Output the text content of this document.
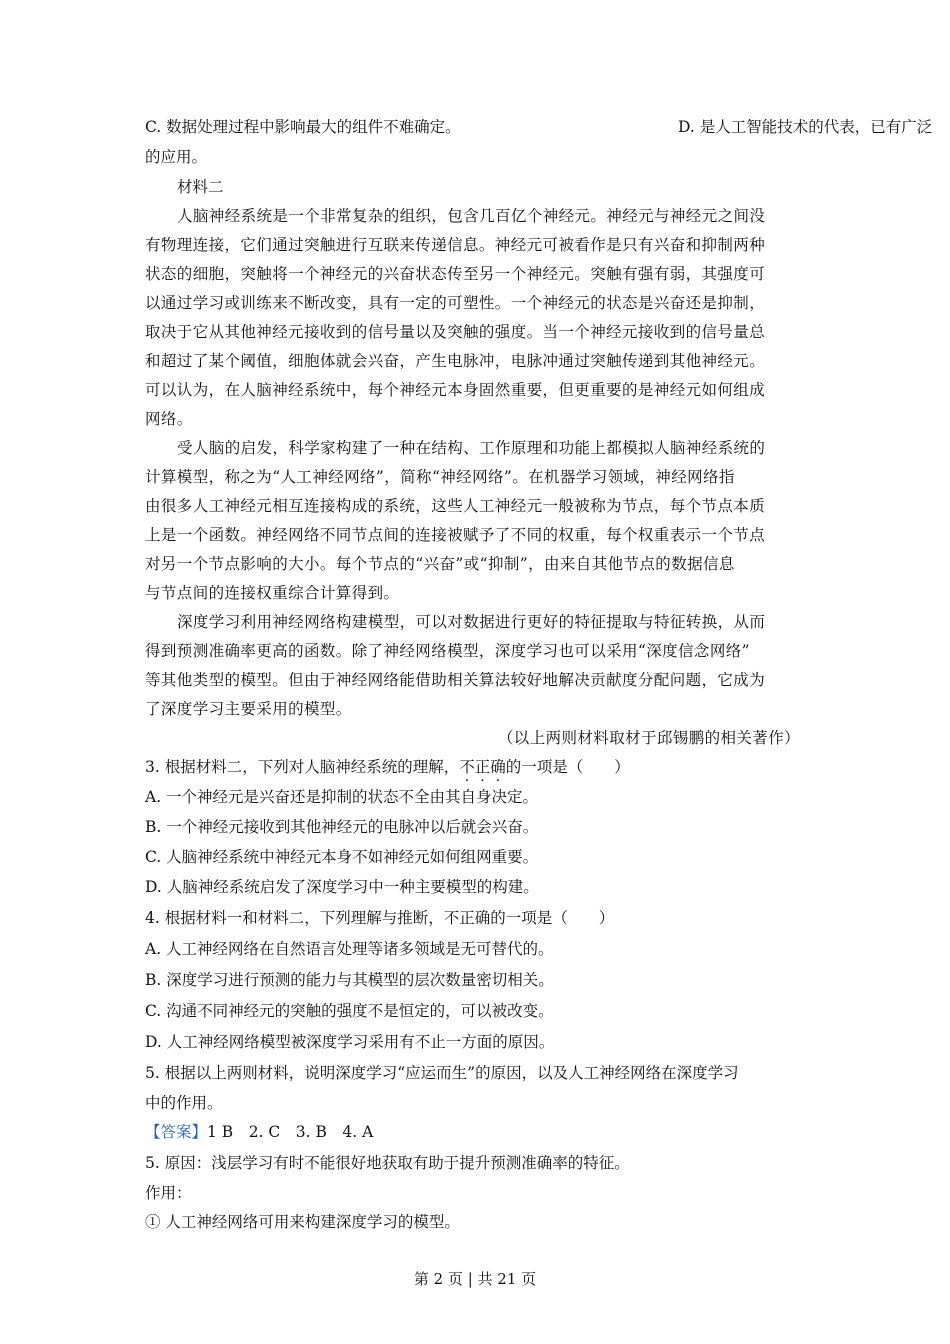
C. 数据处理过程中影响最大的组件不难确定。	D. 是人工智能技术的代表，已有广泛
的应用。
材料二
人脑神经系统是一个非常复杂的组织，包含几百亿个神经元。神经元与神经元之间没
有物理连接，它们通过突触进行互联来传递信息。神经元可被看作是只有兴奋和抑制两种
状态的细胞，突触将一个神经元的兴奋状态传至另一个神经元。突触有强有弱，其强度可
以通过学习或训练来不断改变，具有一定的可塑性。一个神经元的状态是兴奋还是抑制，
取决于它从其他神经元接收到的信号量以及突触的强度。当一个神经元接收到的信号量总
和超过了某个阈值，细胞体就会兴奋，产生电脉冲，电脉冲通过突触传递到其他神经元。
可以认为，在人脑神经系统中，每个神经元本身固然重要，但更重要的是神经元如何组成
网络。
受人脑的启发，科学家构建了一种在结构、工作原理和功能上都模拟人脑神经系统的
计算模型，称之为“人工神经网络”，简称“神经网络”。在机器学习领域，神经网络指
由很多人工神经元相互连接构成的系统，这些人工神经元一般被称为节点，每个节点本质
上是一个函数。神经网络不同节点间的连接被赋予了不同的权重，每个权重表示一个节点
对另一个节点影响的大小。每个节点的“兴奋”或“抑制”，由来自其他节点的数据信息
与节点间的连接权重综合计算得到。
深度学习利用神经网络构建模型，可以对数据进行更好的特征提取与特征转换，从而
得到预测准确率更高的函数。除了神经网络模型，深度学习也可以采用“深度信念网络”
等其他类型的模型。但由于神经网络能借助相关算法较好地解决贡献度分配问题，它成为
了深度学习主要采用的模型。
（以上两则材料取材于邱锡鹏的相关著作）
3. 根据材料二，下列对人脑神经系统的理解，不正确的一项是（　　）
A. 一个神经元是兴奋还是抑制的状态不全由其自身决定。
B. 一个神经元接收到其他神经元的电脉冲以后就会兴奋。
C. 人脑神经系统中神经元本身不如神经元如何组网重要。
D. 人脑神经系统启发了深度学习中一种主要模型的构建。
4. 根据材料一和材料二，下列理解与推断，不正确的一项是（　　）
A. 人工神经网络在自然语言处理等诸多领域是无可替代的。
B. 深度学习进行预测的能力与其模型的层次数量密切相关。
C. 沟通不同神经元的突触的强度不是恒定的，可以被改变。
D. 人工神经网络模型被深度学习采用有不止一方面的原因。
5. 根据以上两则材料，说明深度学习“应运而生”的原因，以及人工神经网络在深度学习
中的作用。
【答案】1 B　2. C　3. B　4. A
5. 原因：浅层学习有时不能很好地获取有助于提升预测准确率的特征。
作用：
① 人工神经网络可用来构建深度学习的模型。
第 2 页 | 共 21 页
